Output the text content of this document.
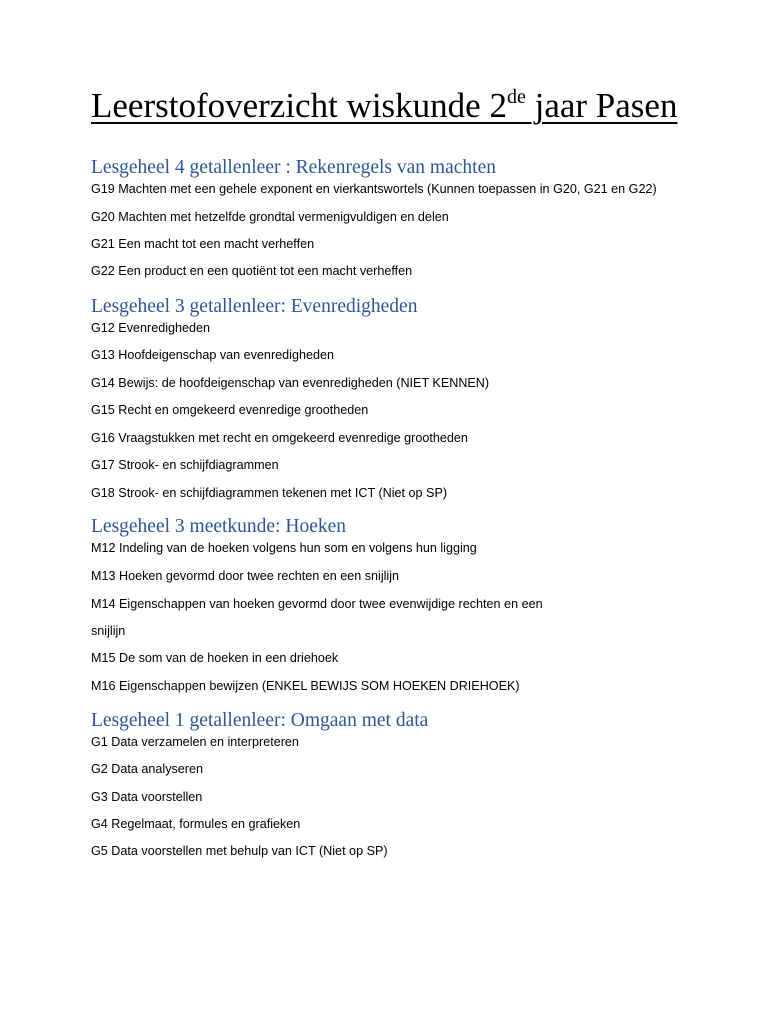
Leerstofoverzicht wiskunde 2de jaar Pasen
Lesgeheel 4 getallenleer : Rekenregels van machten

G19 Machten met een gehele exponent en vierkantswortels (Kunnen toepassen in G20, G21 en G22)

G20 Machten met hetzelfde grondtal vermenigvuldigen en delen

G21 Een macht tot een macht verheffen

G22 Een product en een quotiënt tot een macht verheffen

Lesgeheel 3 getallenleer: Evenredigheden

G12 Evenredigheden

G13 Hoofdeigenschap van evenredigheden

G14 Bewijs: de hoofdeigenschap van evenredigheden (NIET KENNEN)

G15 Recht en omgekeerd evenredige grootheden

G16 Vraagstukken met recht en omgekeerd evenredige grootheden

G17 Strook- en schijfdiagrammen

G18 Strook- en schijfdiagrammen tekenen met ICT (Niet op SP)

Lesgeheel 3 meetkunde: Hoeken

M12 Indeling van de hoeken volgens hun som en volgens hun ligging

M13 Hoeken gevormd door twee rechten en een snijlijn

M14 Eigenschappen van hoeken gevormd door twee evenwijdige rechten en een

snijlijn

M15 De som van de hoeken in een driehoek

M16 Eigenschappen bewijzen (ENKEL BEWIJS SOM HOEKEN DRIEHOEK)

Lesgeheel 1 getallenleer: Omgaan met data

G1 Data verzamelen en interpreteren

G2 Data analyseren

G3 Data voorstellen

G4 Regelmaat, formules en grafieken

G5 Data voorstellen met behulp van ICT (Niet op SP)
